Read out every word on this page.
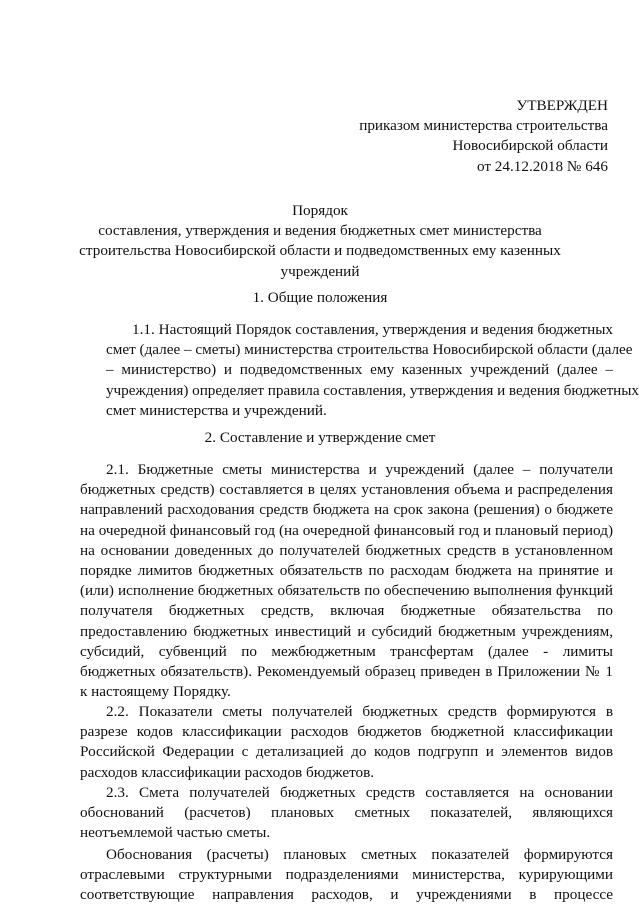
УТВЕРЖДЕН
приказом министерства строительства
Новосибирской области
от 24.12.2018 № 646
Порядок
составления, утверждения и ведения бюджетных смет министерства
строительства Новосибирской области и подведомственных ему казенных
учреждений
1. Общие положения
1.1. Настоящий Порядок составления, утверждения и ведения бюджетных
смет (далее – сметы) министерства строительства Новосибирской области (далее
– министерство) и подведомственных ему казенных учреждений (далее –
учреждения) определяет правила составления, утверждения и ведения бюджетных
смет министерства и учреждений.
2. Составление и утверждение смет
2.1. Бюджетные сметы министерства и учреждений (далее – получатели
бюджетных средств) составляется в целях установления объема и распределения
направлений расходования средств бюджета на срок закона (решения) о бюджете
на очередной финансовый год (на очередной финансовый год и плановый период)
на основании доведенных до получателей бюджетных средств в установленном
порядке лимитов бюджетных обязательств по расходам бюджета на принятие и
(или) исполнение бюджетных обязательств по обеспечению выполнения функций
получателя бюджетных средств, включая бюджетные обязательства по
предоставлению бюджетных инвестиций и субсидий бюджетным учреждениям,
субсидий, субвенций по межбюджетным трансфертам (далее - лимиты
бюджетных обязательств). Рекомендуемый образец приведен в Приложении № 1
к настоящему Порядку.
2.2. Показатели сметы получателей бюджетных средств формируются в
разрезе кодов классификации расходов бюджетов бюджетной классификации
Российской Федерации с детализацией до кодов подгрупп и элементов видов
расходов классификации расходов бюджетов.
2.3. Смета получателей бюджетных средств составляется на основании
обоснований (расчетов) плановых сметных показателей, являющихся
неотъемлемой частью сметы.
Обоснования (расчеты) плановых сметных показателей формируются
отраслевыми структурными подразделениями министерства, курирующими
соответствующие направления расходов, и учреждениями в процессе
